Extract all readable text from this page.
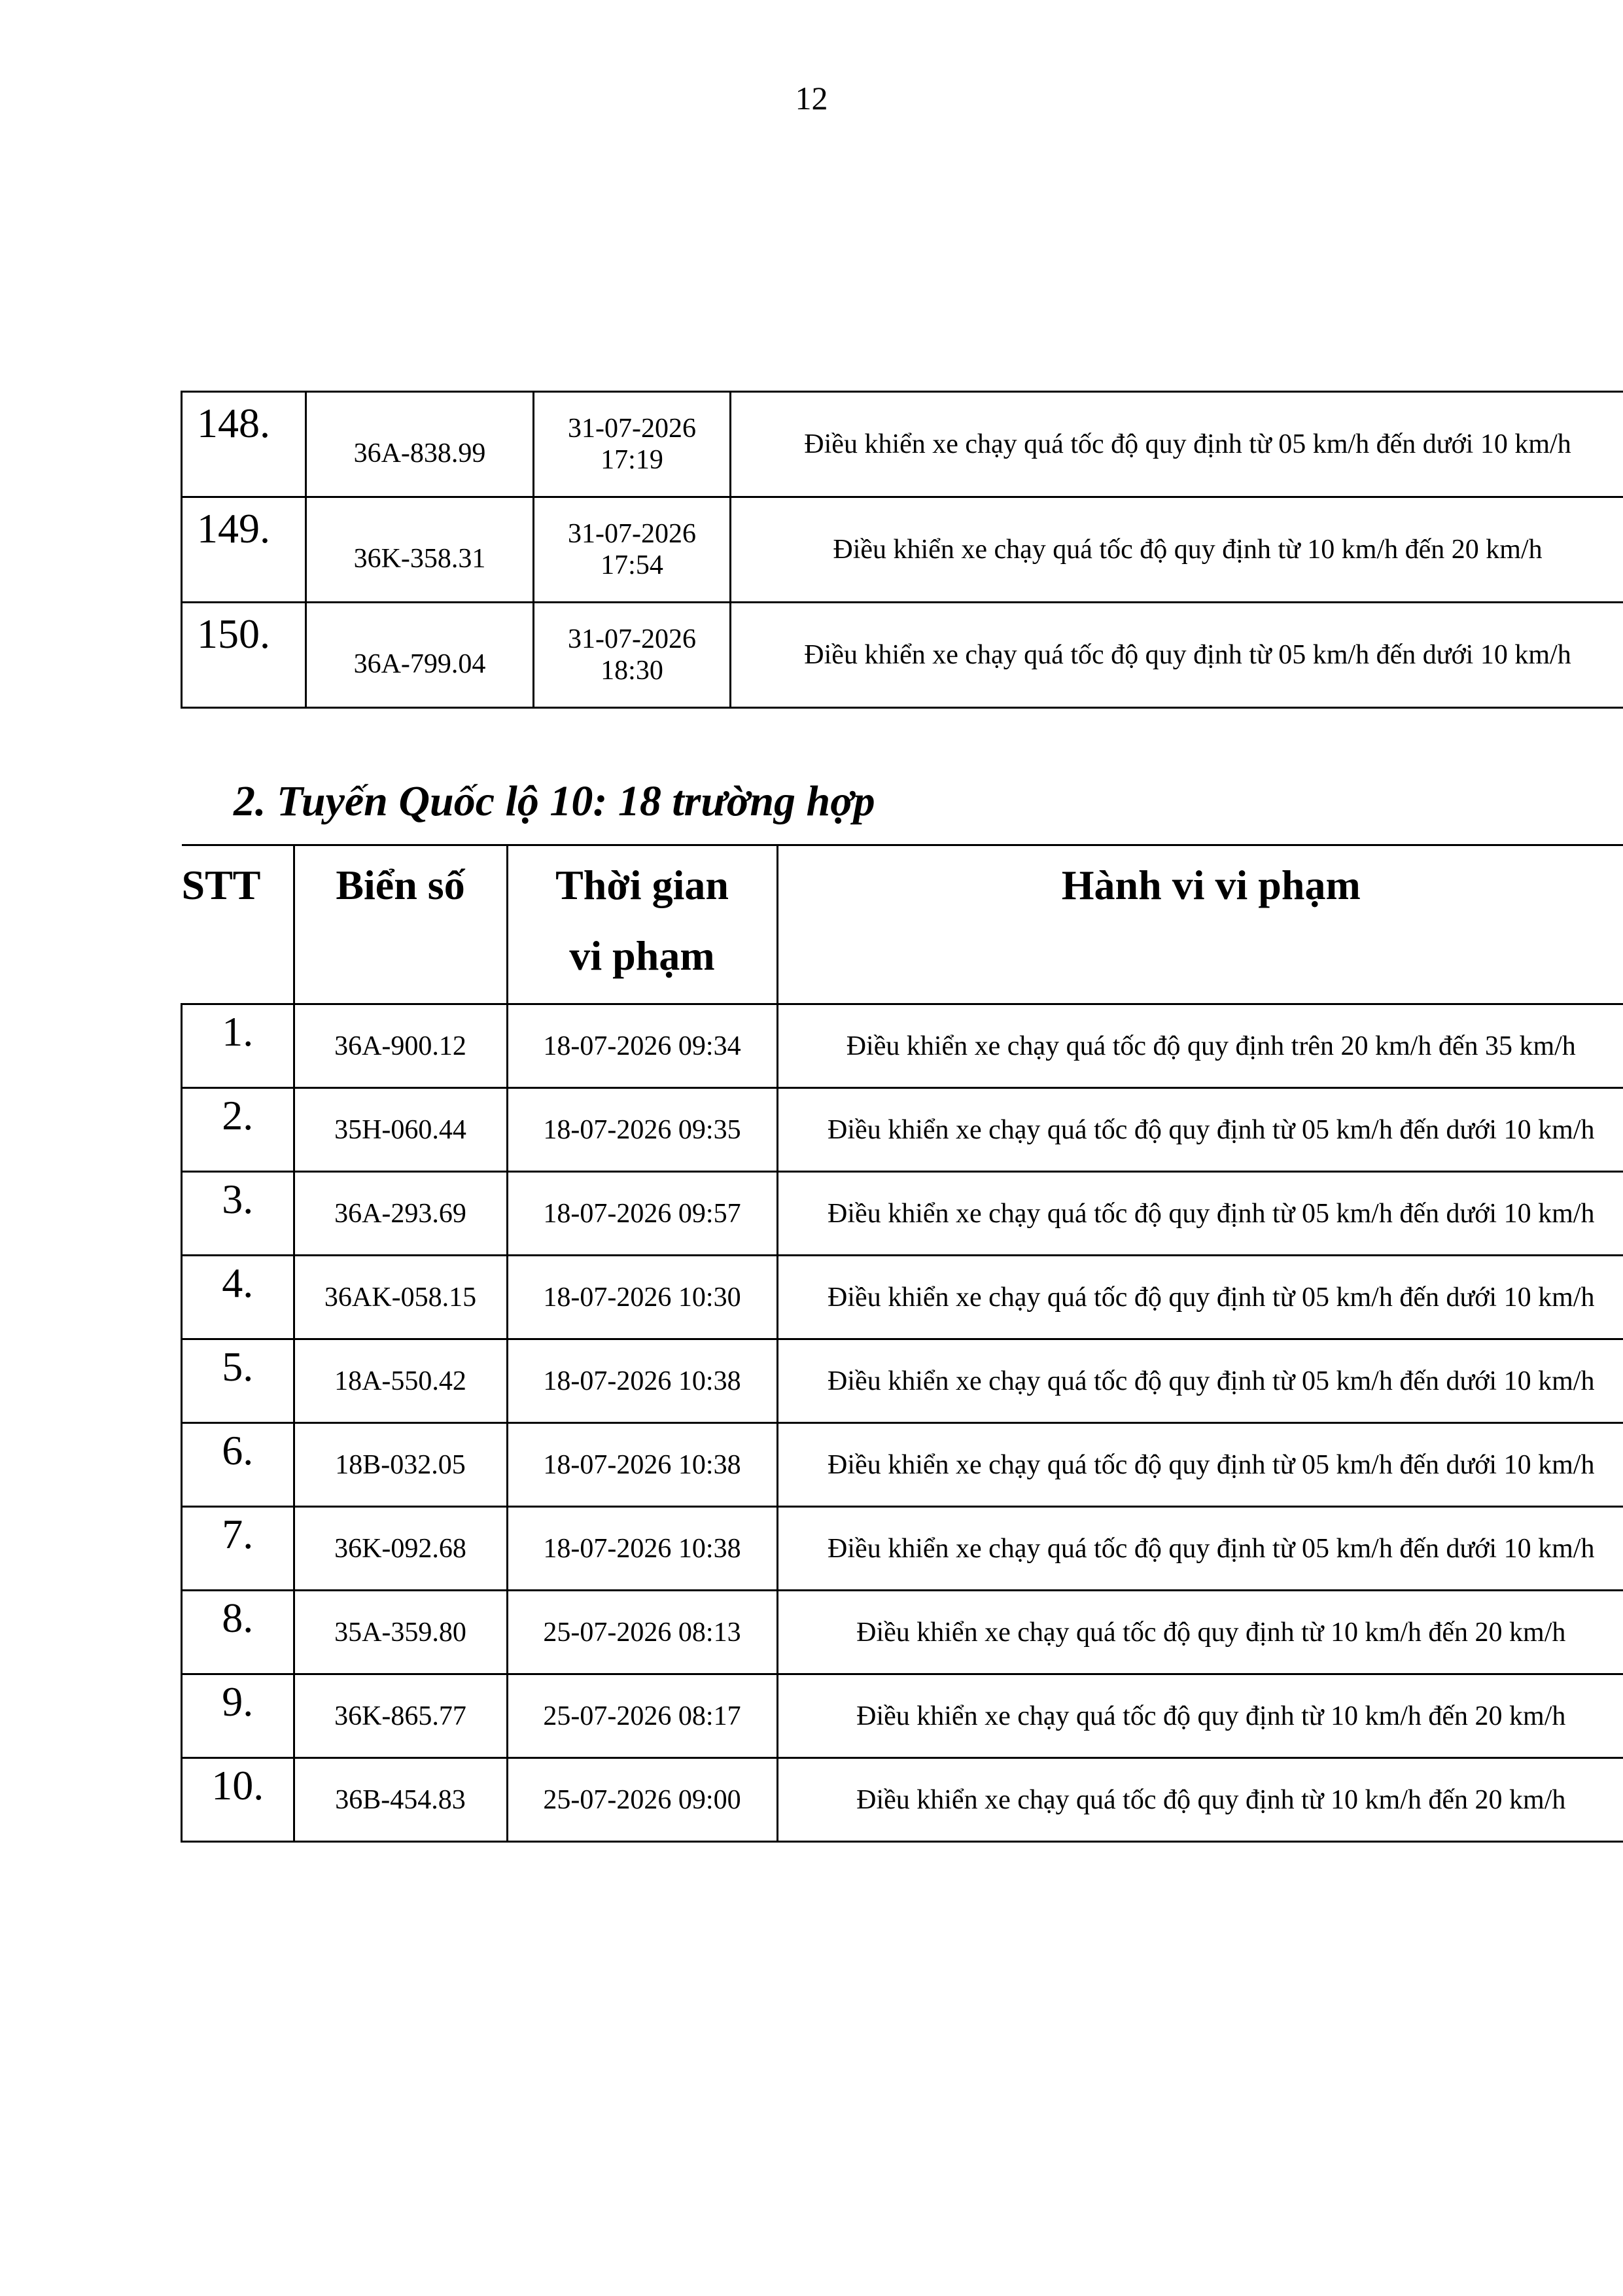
12
148.	36A-838.99	31-07-2026
17:19	Điều khiển xe chạy quá tốc độ quy định từ 05 km/h đến dưới 10 km/h
149.	36K-358.31	31-07-2026
17:54	Điều khiển xe chạy quá tốc độ quy định từ 10 km/h đến 20 km/h
150.	36A-799.04	31-07-2026
18:30	Điều khiển xe chạy quá tốc độ quy định từ 05 km/h đến dưới 10 km/h
2. Tuyến Quốc lộ 10: 18 trường hợp
STT	Biển số	Thời gian
vi phạm	Hành vi vi phạm
1.	36A-900.12	18-07-2026 09:34	Điều khiển xe chạy quá tốc độ quy định trên 20 km/h đến 35 km/h
2.	35H-060.44	18-07-2026 09:35	Điều khiển xe chạy quá tốc độ quy định từ 05 km/h đến dưới 10 km/h
3.	36A-293.69	18-07-2026 09:57	Điều khiển xe chạy quá tốc độ quy định từ 05 km/h đến dưới 10 km/h
4.	36AK-058.15	18-07-2026 10:30	Điều khiển xe chạy quá tốc độ quy định từ 05 km/h đến dưới 10 km/h
5.	18A-550.42	18-07-2026 10:38	Điều khiển xe chạy quá tốc độ quy định từ 05 km/h đến dưới 10 km/h
6.	18B-032.05	18-07-2026 10:38	Điều khiển xe chạy quá tốc độ quy định từ 05 km/h đến dưới 10 km/h
7.	36K-092.68	18-07-2026 10:38	Điều khiển xe chạy quá tốc độ quy định từ 05 km/h đến dưới 10 km/h
8.	35A-359.80	25-07-2026 08:13	Điều khiển xe chạy quá tốc độ quy định từ 10 km/h đến 20 km/h
9.	36K-865.77	25-07-2026 08:17	Điều khiển xe chạy quá tốc độ quy định từ 10 km/h đến 20 km/h
10.	36B-454.83	25-07-2026 09:00	Điều khiển xe chạy quá tốc độ quy định từ 10 km/h đến 20 km/h
